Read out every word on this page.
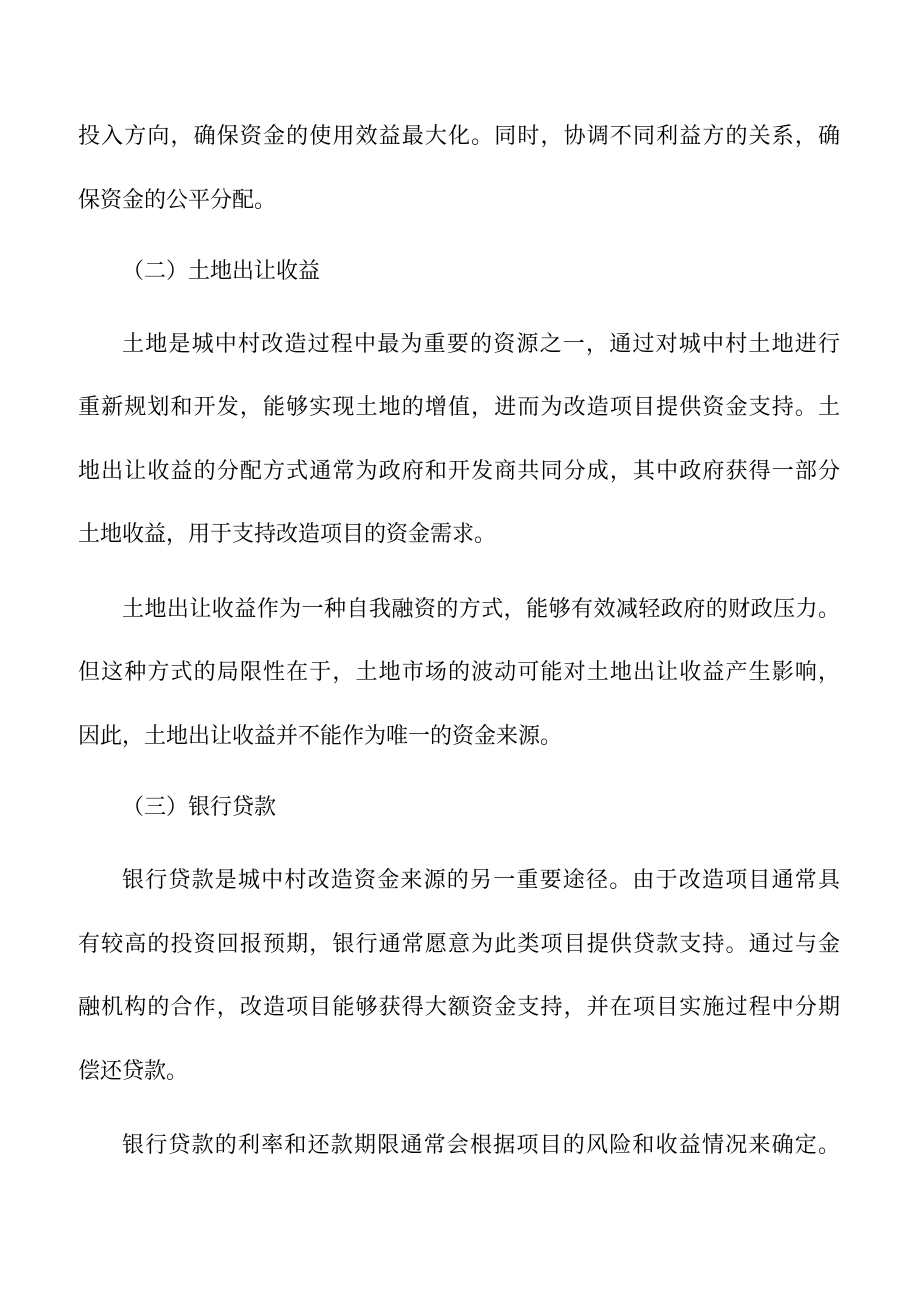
投入方向，确保资金的使用效益最大化。同时，协调不同利益方的关系，确
保资金的公平分配。
（二）土地出让收益
土地是城中村改造过程中最为重要的资源之一，通过对城中村土地进行
重新规划和开发，能够实现土地的增值，进而为改造项目提供资金支持。土
地出让收益的分配方式通常为政府和开发商共同分成，其中政府获得一部分
土地收益，用于支持改造项目的资金需求。
土地出让收益作为一种自我融资的方式，能够有效减轻政府的财政压力。
但这种方式的局限性在于，土地市场的波动可能对土地出让收益产生影响，
因此，土地出让收益并不能作为唯一的资金来源。
（三）银行贷款
银行贷款是城中村改造资金来源的另一重要途径。由于改造项目通常具
有较高的投资回报预期，银行通常愿意为此类项目提供贷款支持。通过与金
融机构的合作，改造项目能够获得大额资金支持，并在项目实施过程中分期
偿还贷款。
银行贷款的利率和还款期限通常会根据项目的风险和收益情况来确定。
